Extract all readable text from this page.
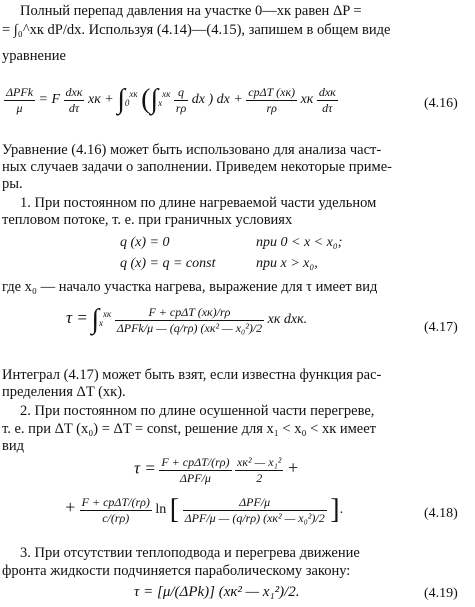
Полный перепад давления на участке 0—xк равен ΔP =
= ∫₀^xк dP/dx. Используя (4.14)—(4.15), запишем в общем виде
уравнение
$\frac{\text{ΔPFk}}{\mu} = F \frac{\text{dxк}}{d\tau}$ xк + $\int_0^{xк}$ ($\int_x^{xк} \frac{q}{r\rho}$ dx ) dx + $\frac{\text{cpΔT (xк)}}{r\rho}$ xк $\frac{\text{dxк}}{d\tau}$	(4.16)
Уравнение (4.16) может быть использовано для анализа част-
ных случаев задачи о заполнении. Приведем некоторые приме-
ры.
1. При постоянном по длине нагреваемой части удельном
тепловом потоке, т. е. при граничных условиях
q (x) = 0	при 0 < x < x₀;
q (x) = q = const	при x > x₀,
где x₀ — начало участка нагрева, выражение для τ имеет вид
$\tau = \int_x^{xк} \frac{\text{F + cpΔT (xк)/rρ}}{\text{ΔPFk/μ — (q/rρ) (xк² — x₀²)/2}}$ xк dxк.
(4.17)
Интеграл (4.17) может быть взят, если известна функция рас-
пределения ΔT (xк).
2. При постоянном по длине осушенной части перегреве,
т. е. при ΔT (x₀) = ΔT = const, решение для x₁ < x₀ < xк имеет
вид
$\tau = \frac{\text{F + cpΔT/(rρ)}}{\text{ΔPF/μ}}$
$\frac{\text{xк² — x₁²}}{2}$ +
+ $\frac{\text{F + cpΔT/(rρ)}}{c/(r\rho)}$ ln [ $\frac{\text{ΔPF/μ}}{\text{ΔPF/μ — (q/rρ) (xк² — x₀²)/2}}$ ].	(4.18)
3. При отсутствии теплоподвода и перегрева движение
фронта жидкости подчиняется параболическому закону:
τ = [μ/(ΔPk)] (xк² — x₁²)/2.	(4.19)
